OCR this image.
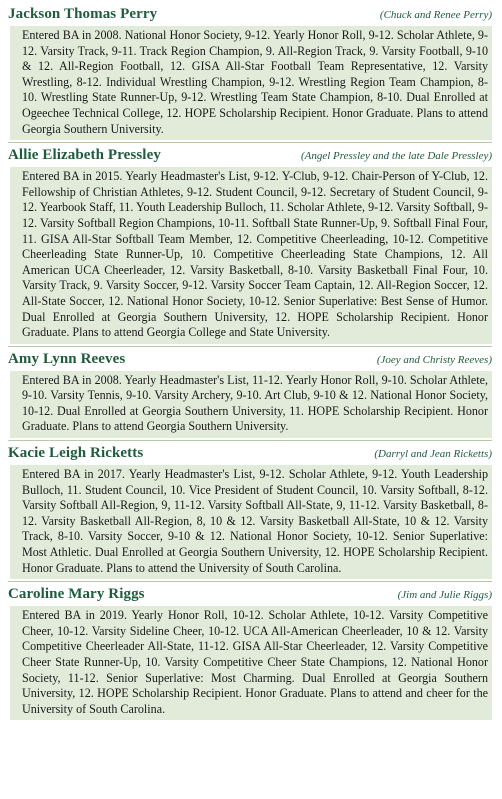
Jackson Thomas Perry	(Chuck and Renee Perry)
Entered BA in 2008. National Honor Society, 9-12. Yearly Honor Roll, 9-12. Scholar Athlete, 9-12. Varsity Track, 9-11. Track Region Champion, 9. All-Region Track, 9. Varsity Football, 9-10 & 12. All-Region Football, 12. GISA All-Star Football Team Representative, 12. Varsity Wrestling, 8-12. Individual Wrestling Champion, 9-12. Wrestling Region Team Champion, 8-10. Wrestling State Runner-Up, 9-12. Wrestling Team State Champion, 8-10. Dual Enrolled at Ogeechee Technical College, 12. HOPE Scholarship Recipient. Honor Graduate. Plans to attend Georgia Southern University.
Allie Elizabeth Pressley	(Angel Pressley and the late Dale Pressley)
Entered BA in 2015. Yearly Headmaster's List, 9-12. Y-Club, 9-12. Chair-Person of Y-Club, 12. Fellowship of Christian Athletes, 9-12. Student Council, 9-12. Secretary of Student Council, 9-12. Yearbook Staff, 11. Youth Leadership Bulloch, 11. Scholar Athlete, 9-12. Varsity Softball, 9-12. Varsity Softball Region Champions, 10-11. Softball State Runner-Up, 9. Softball Final Four, 11. GISA All-Star Softball Team Member, 12. Competitive Cheerleading, 10-12. Competitive Cheerleading State Runner-Up, 10. Competitive Cheerleading State Champions, 12. All American UCA Cheerleader, 12. Varsity Basketball, 8-10. Varsity Basketball Final Four, 10. Varsity Track, 9. Varsity Soccer, 9-12. Varsity Soccer Team Captain, 12. All-Region Soccer, 12. All-State Soccer, 12. National Honor Society, 10-12. Senior Superlative: Best Sense of Humor. Dual Enrolled at Georgia Southern University, 12. HOPE Scholarship Recipient. Honor Graduate. Plans to attend Georgia College and State University.
Amy Lynn Reeves	(Joey and Christy Reeves)
Entered BA in 2008. Yearly Headmaster's List, 11-12. Yearly Honor Roll, 9-10. Scholar Athlete, 9-10. Varsity Tennis, 9-10. Varsity Archery, 9-10. Art Club, 9-10 & 12. National Honor Society, 10-12. Dual Enrolled at Georgia Southern University, 11. HOPE Scholarship Recipient. Honor Graduate. Plans to attend Georgia Southern University.
Kacie Leigh Ricketts	(Darryl and Jean Ricketts)
Entered BA in 2017. Yearly Headmaster's List, 9-12. Scholar Athlete, 9-12. Youth Leadership Bulloch, 11. Student Council, 10. Vice President of Student Council, 10. Varsity Softball, 8-12. Varsity Softball All-Region, 9, 11-12. Varsity Softball All-State, 9, 11-12. Varsity Basketball, 8-12. Varsity Basketball All-Region, 8, 10 & 12. Varsity Basketball All-State, 10 & 12. Varsity Track, 8-10. Varsity Soccer, 9-10 & 12. National Honor Society, 10-12. Senior Superlative: Most Athletic. Dual Enrolled at Georgia Southern University, 12. HOPE Scholarship Recipient. Honor Graduate. Plans to attend the University of South Carolina.
Caroline Mary Riggs	(Jim and Julie Riggs)
Entered BA in 2019. Yearly Honor Roll, 10-12. Scholar Athlete, 10-12. Varsity Competitive Cheer, 10-12. Varsity Sideline Cheer, 10-12. UCA All-American Cheerleader, 10 & 12. Varsity Competitive Cheerleader All-State, 11-12. GISA All-Star Cheerleader, 12. Varsity Competitive Cheer State Runner-Up, 10. Varsity Competitive Cheer State Champions, 12. National Honor Society, 11-12. Senior Superlative: Most Charming. Dual Enrolled at Georgia Southern University, 12. HOPE Scholarship Recipient. Honor Graduate. Plans to attend and cheer for the University of South Carolina.
